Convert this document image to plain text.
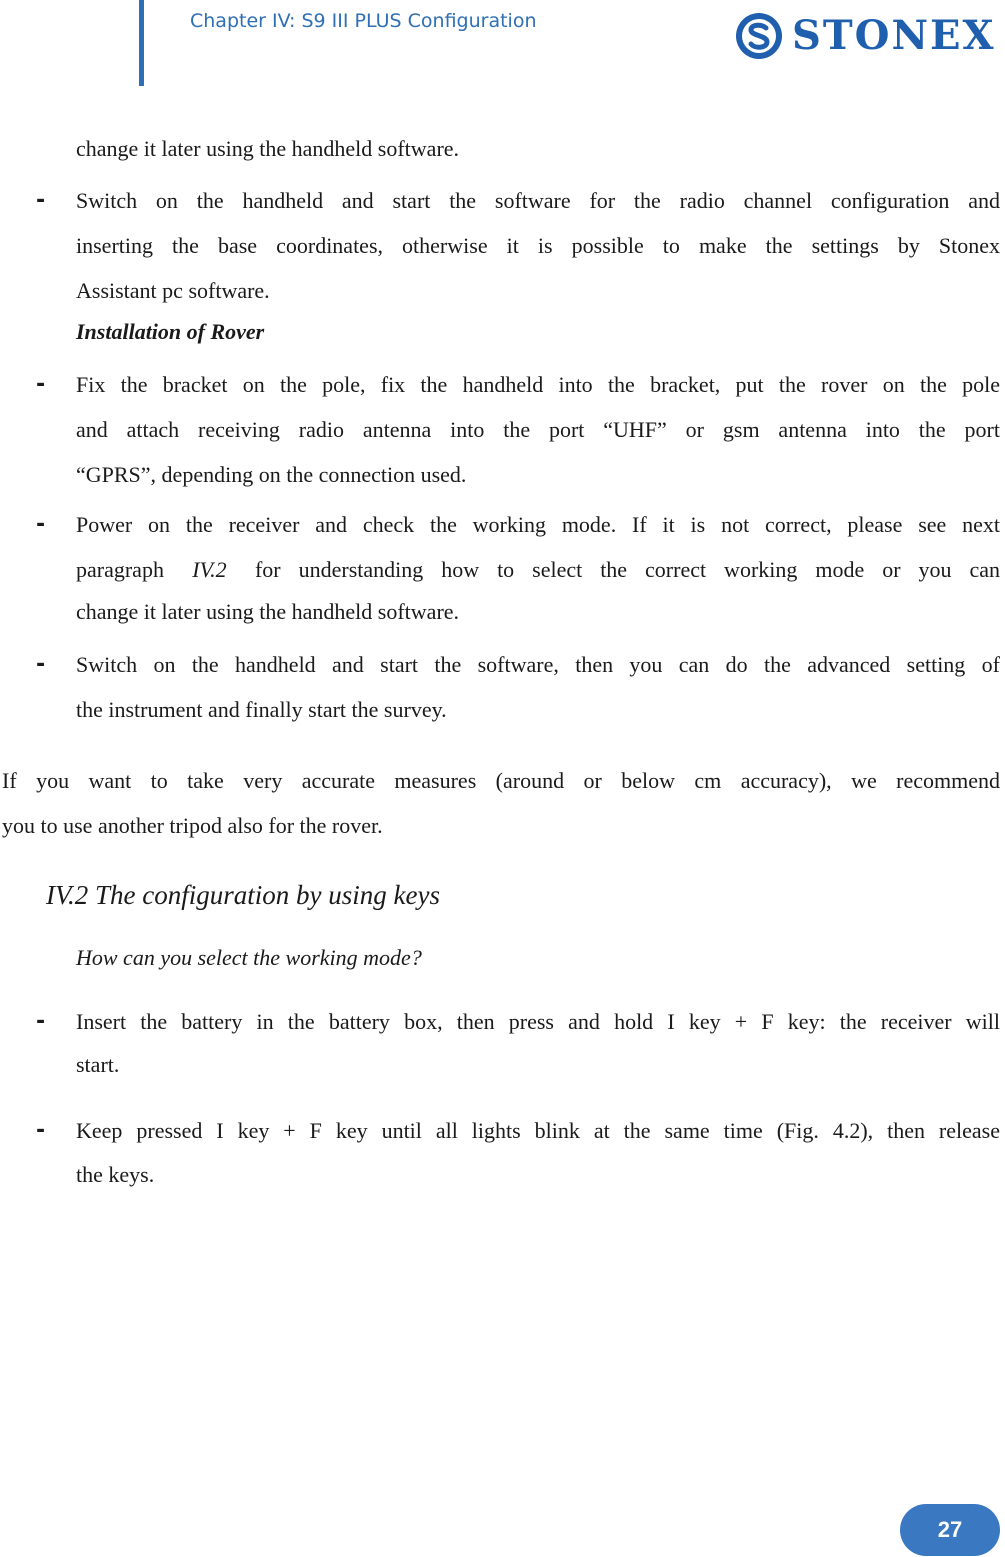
Chapter IV: S9 III PLUS Configuration	STONEX
change it later using the handheld software.
- Switch on the handheld and start the software for the radio channel configuration and
inserting the base coordinates, otherwise it is possible to make the settings by Stonex
Assistant pc software.
Installation of Rover
- Fix the bracket on the pole, fix the handheld into the bracket, put the rover on the pole
and attach receiving radio antenna into the port “UHF” or gsm antenna into the port
“GPRS”, depending on the connection used.
- Power on the receiver and check the working mode. If it is not correct, please see next
paragraph IV.2 for understanding how to select the correct working mode or you can
change it later using the handheld software.
- Switch on the handheld and start the software, then you can do the advanced setting of
the instrument and finally start the survey.
If you want to take very accurate measures (around or below cm accuracy), we recommend
you to use another tripod also for the rover.
IV.2 The configuration by using keys
How can you select the working mode?
- Insert the battery in the battery box, then press and hold I key + F key: the receiver will
start.
- Keep pressed I key + F key until all lights blink at the same time (Fig. 4.2), then release
the keys.
27
